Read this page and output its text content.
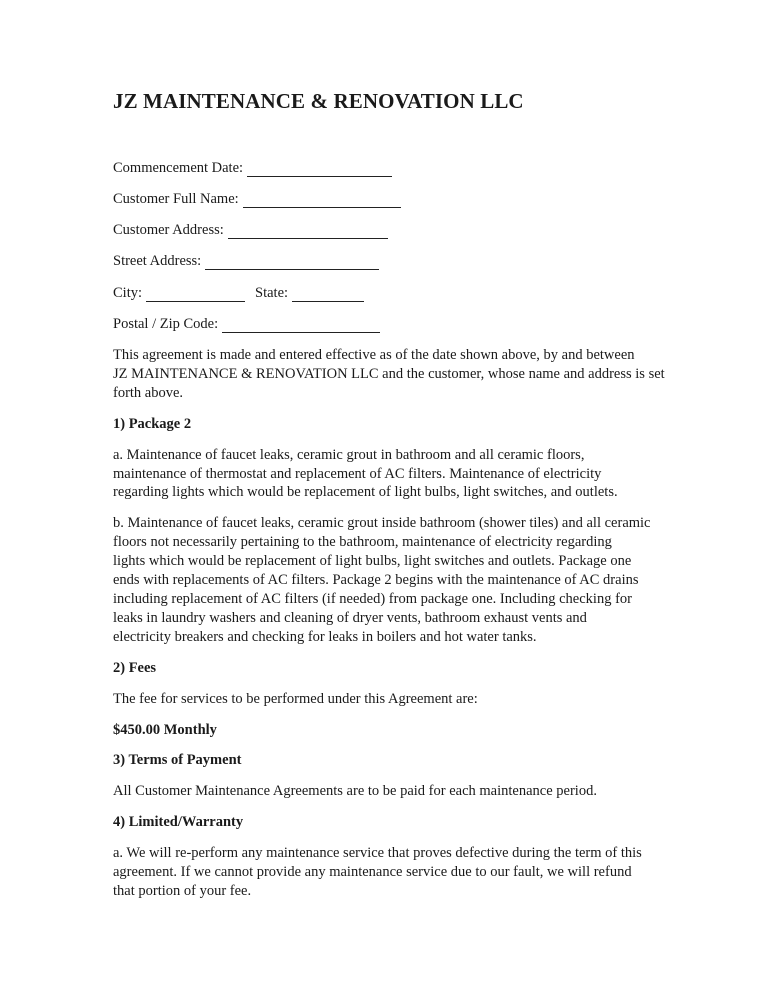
JZ MAINTENANCE & RENOVATION LLC
Commencement Date:
Customer Full Name:
Customer Address:
Street Address:
City:	State:
Postal / Zip Code:

This agreement is made and entered effective as of the date shown above, by and between
JZ MAINTENANCE & RENOVATION LLC and the customer, whose name and address is set
forth above.

1) Package 2

a. Maintenance of faucet leaks, ceramic grout in bathroom and all ceramic floors,
maintenance of thermostat and replacement of AC filters. Maintenance of electricity
regarding lights which would be replacement of light bulbs, light switches, and outlets.

b. Maintenance of faucet leaks, ceramic grout inside bathroom (shower tiles) and all ceramic
floors not necessarily pertaining to the bathroom, maintenance of electricity regarding
lights which would be replacement of light bulbs, light switches and outlets. Package one
ends with replacements of AC filters. Package 2 begins with the maintenance of AC drains
including replacement of AC filters (if needed) from package one. Including checking for
leaks in laundry washers and cleaning of dryer vents, bathroom exhaust vents and
electricity breakers and checking for leaks in boilers and hot water tanks.

2) Fees

The fee for services to be performed under this Agreement are:

$450.00 Monthly
3) Terms of Payment

All Customer Maintenance Agreements are to be paid for each maintenance period.

4) Limited/Warranty

a. We will re-perform any maintenance service that proves defective during the term of this
agreement. If we cannot provide any maintenance service due to our fault, we will refund
that portion of your fee.
